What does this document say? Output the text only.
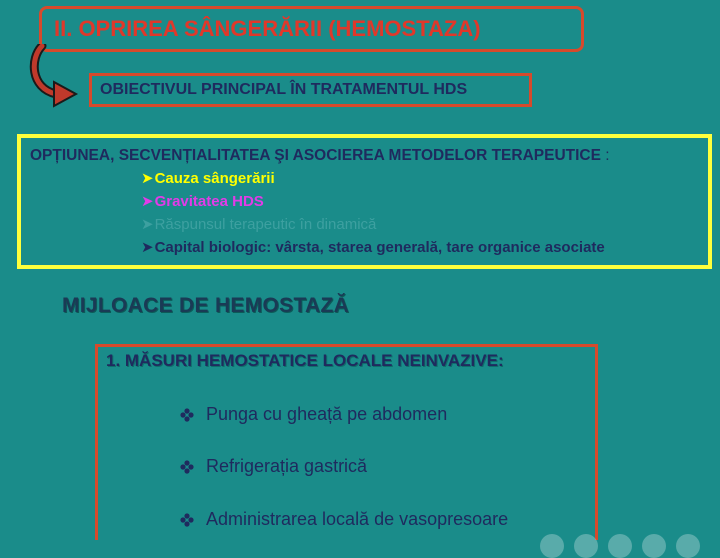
II. OPRIREA SÂNGERĂRII (HEMOSTAZA)
OBIECTIVUL PRINCIPAL ÎN TRATAMENTUL HDS
OPȚIUNEA, SECVENȚIALITATEA ŞI ASOCIEREA METODELOR TERAPEUTICE :
➤ Cauza sângerării
➤ Gravitatea HDS
➤ Răspunsul terapeutic în dinamică
➤ Capital biologic: vârsta, starea generală, tare organice asociate
MIJLOACE DE HEMOSTAZĂ
1. MĂSURI HEMOSTATICE LOCALE NEINVAZIVE:
Punga cu gheață pe abdomen
Refrigerația gastrică
Administrarea locală de vasopresoare
